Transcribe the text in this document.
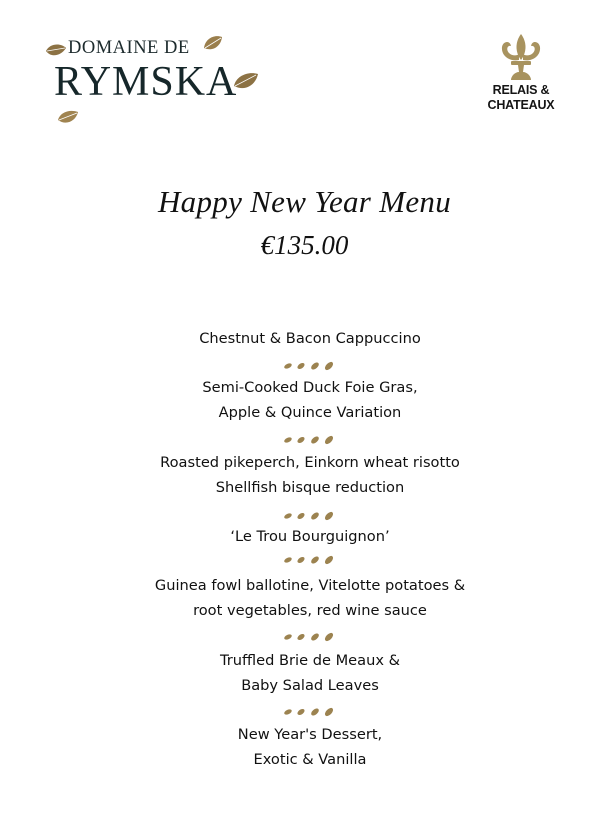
DOMAINE DE
RYMSKA	RELAIS &
CHATEAUX
Happy New Year Menu
€135.00
Chestnut & Bacon Cappuccino
Semi-Cooked Duck Foie Gras,
Apple & Quince Variation
Roasted pikeperch, Einkorn wheat risotto
Shellfish bisque reduction
‘Le Trou Bourguignon’
Guinea fowl ballotine, Vitelotte potatoes &
root vegetables, red wine sauce
Truffled Brie de Meaux &
Baby Salad Leaves
New Year's Dessert,
Exotic & Vanilla
